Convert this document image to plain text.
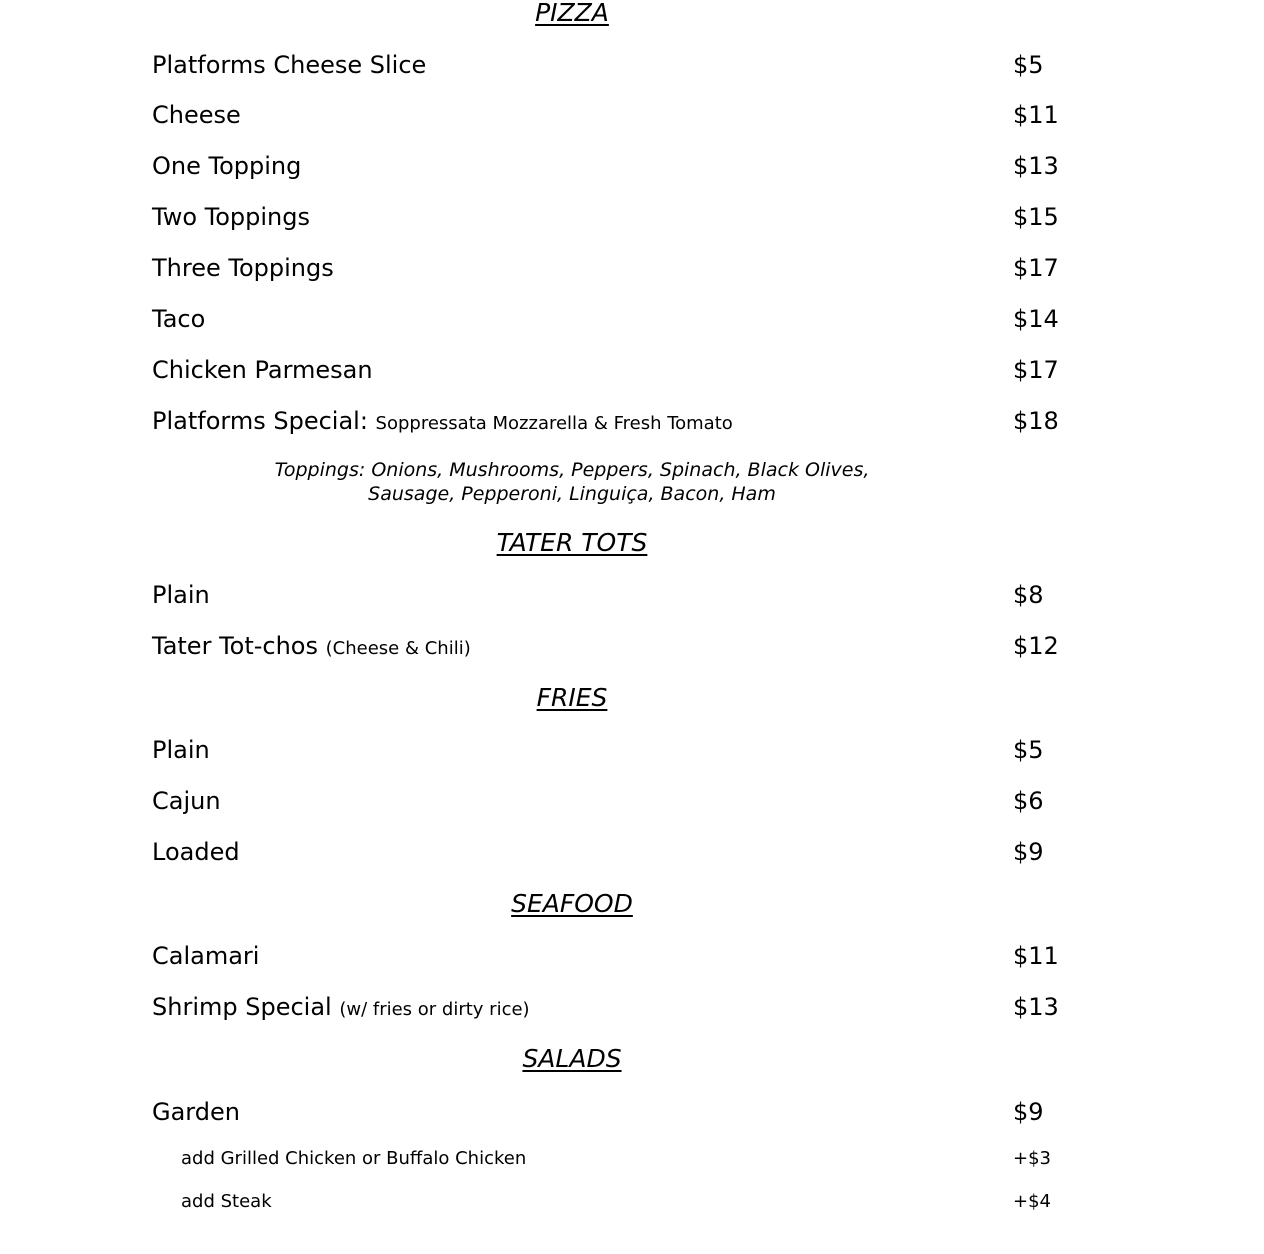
PIZZA
Platforms Cheese Slice	$5
Cheese	$11
One Topping	$13
Two Toppings	$15
Three Toppings	$17
Taco	$14
Chicken Parmesan	$17
Platforms Special: Soppressata Mozzarella & Fresh Tomato	$18
Toppings: Onions, Mushrooms, Peppers, Spinach, Black Olives,
Sausage, Pepperoni, Linguiça, Bacon, Ham
TATER TOTS
Plain	$8
Tater Tot-chos (Cheese & Chili)	$12
FRIES
Plain	$5
Cajun	$6
Loaded	$9
SEAFOOD
Calamari	$11
Shrimp Special (w/ fries or dirty rice)	$13
SALADS
Garden	$9
add Grilled Chicken or Buffalo Chicken	+$3
add Steak	+$4
